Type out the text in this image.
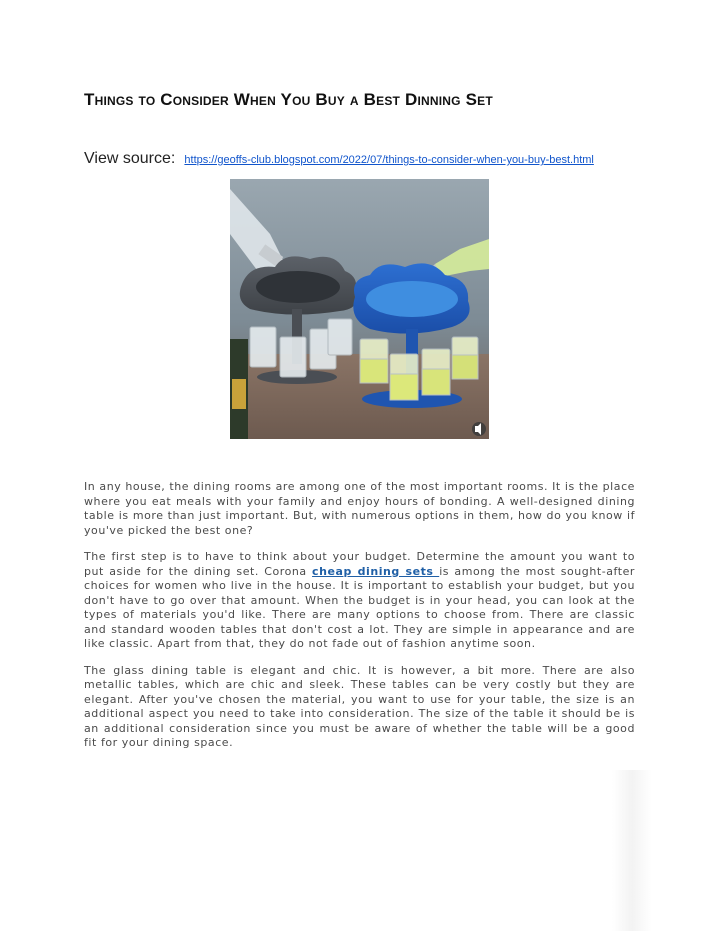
Things to Consider When You Buy a Best Dinning Set
View source: https://geoffs-club.blogspot.com/2022/07/things-to-consider-when-you-buy-best.html

In any house, the dining rooms are among one of the most important rooms. It is the place where you eat meals with your family and enjoy hours of bonding. A well-designed dining table is more than just important. But, with numerous options in them, how do you know if you've picked the best one?

The first step is to have to think about your budget. Determine the amount you want to put aside for the dining set. Corona cheap dining sets is among the most sought-after choices for women who live in the house. It is important to establish your budget, but you don't have to go over that amount. When the budget is in your head, you can look at the types of materials you'd like. There are many options to choose from. There are classic and standard wooden tables that don't cost a lot. They are simple in appearance and are like classic. Apart from that, they do not fade out of fashion anytime soon.

The glass dining table is elegant and chic. It is however, a bit more. There are also metallic tables, which are chic and sleek. These tables can be very costly but they are elegant. After you've chosen the material, you want to use for your table, the size is an additional aspect you need to take into consideration. The size of the table it should be is an additional consideration since you must be aware of whether the table will be a good fit for your dining space.
